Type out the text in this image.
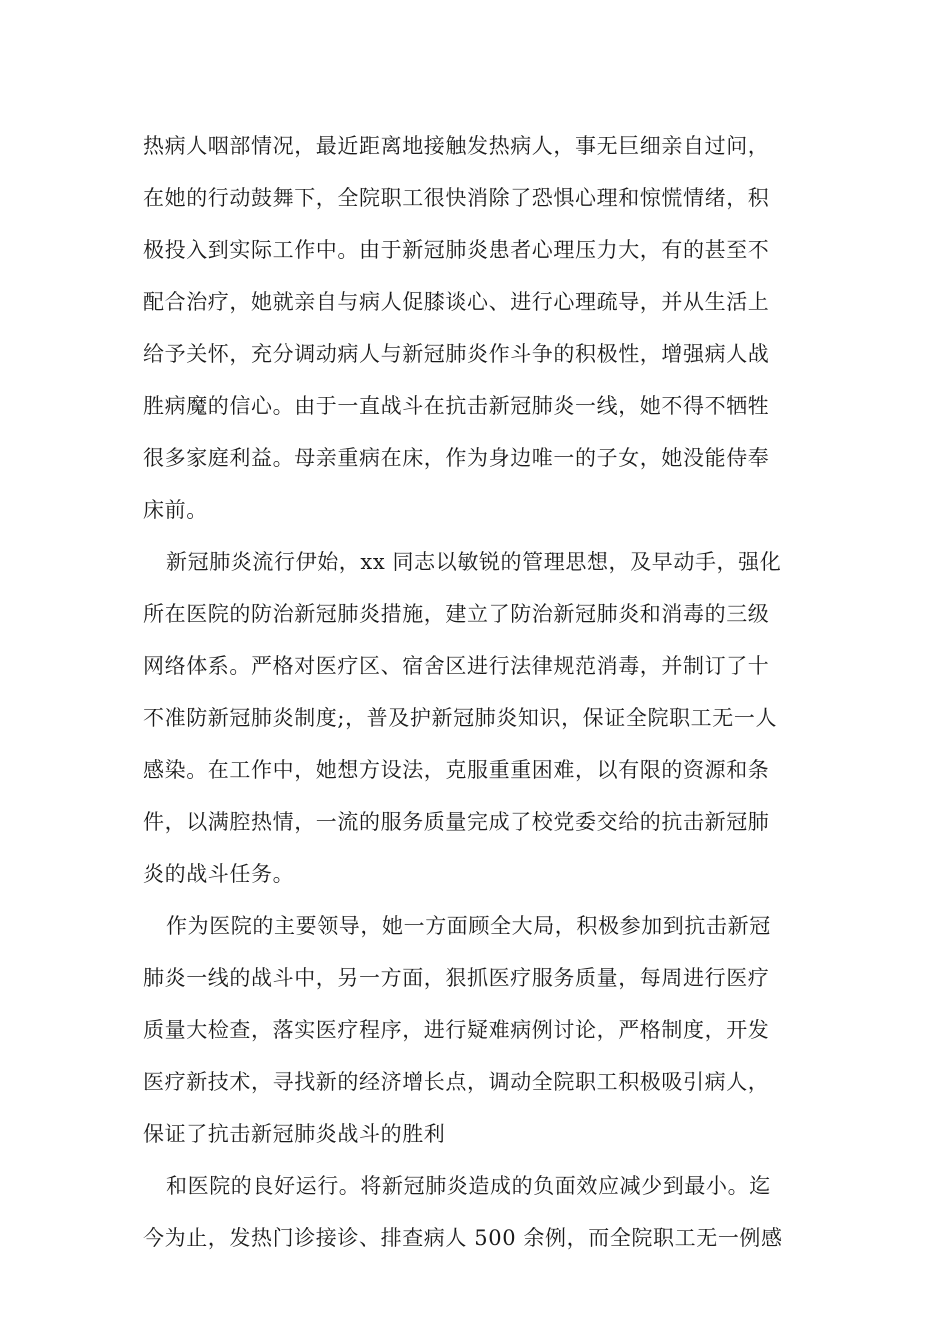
热病人咽部情况，最近距离地接触发热病人，事无巨细亲自过问，
在她的行动鼓舞下，全院职工很快消除了恐惧心理和惊慌情绪，积
极投入到实际工作中。由于新冠肺炎患者心理压力大，有的甚至不
配合治疗，她就亲自与病人促膝谈心、进行心理疏导，并从生活上
给予关怀，充分调动病人与新冠肺炎作斗争的积极性，增强病人战
胜病魔的信心。由于一直战斗在抗击新冠肺炎一线，她不得不牺牲
很多家庭利益。母亲重病在床，作为身边唯一的子女，她没能侍奉
床前。
新冠肺炎流行伊始，xx 同志以敏锐的管理思想，及早动手，强化
所在医院的防治新冠肺炎措施，建立了防治新冠肺炎和消毒的三级
网络体系。严格对医疗区、宿舍区进行法律规范消毒，并制订了十
不准防新冠肺炎制度;，普及护新冠肺炎知识，保证全院职工无一人
感染。在工作中，她想方设法，克服重重困难，以有限的资源和条
件，以满腔热情，一流的服务质量完成了校党委交给的抗击新冠肺
炎的战斗任务。
作为医院的主要领导，她一方面顾全大局，积极参加到抗击新冠
肺炎一线的战斗中，另一方面，狠抓医疗服务质量，每周进行医疗
质量大检查，落实医疗程序，进行疑难病例讨论，严格制度，开发
医疗新技术，寻找新的经济增长点，调动全院职工积极吸引病人，
保证了抗击新冠肺炎战斗的胜利
和医院的良好运行。将新冠肺炎造成的负面效应减少到最小。迄
今为止，发热门诊接诊、排查病人 500 余例，而全院职工无一例感
